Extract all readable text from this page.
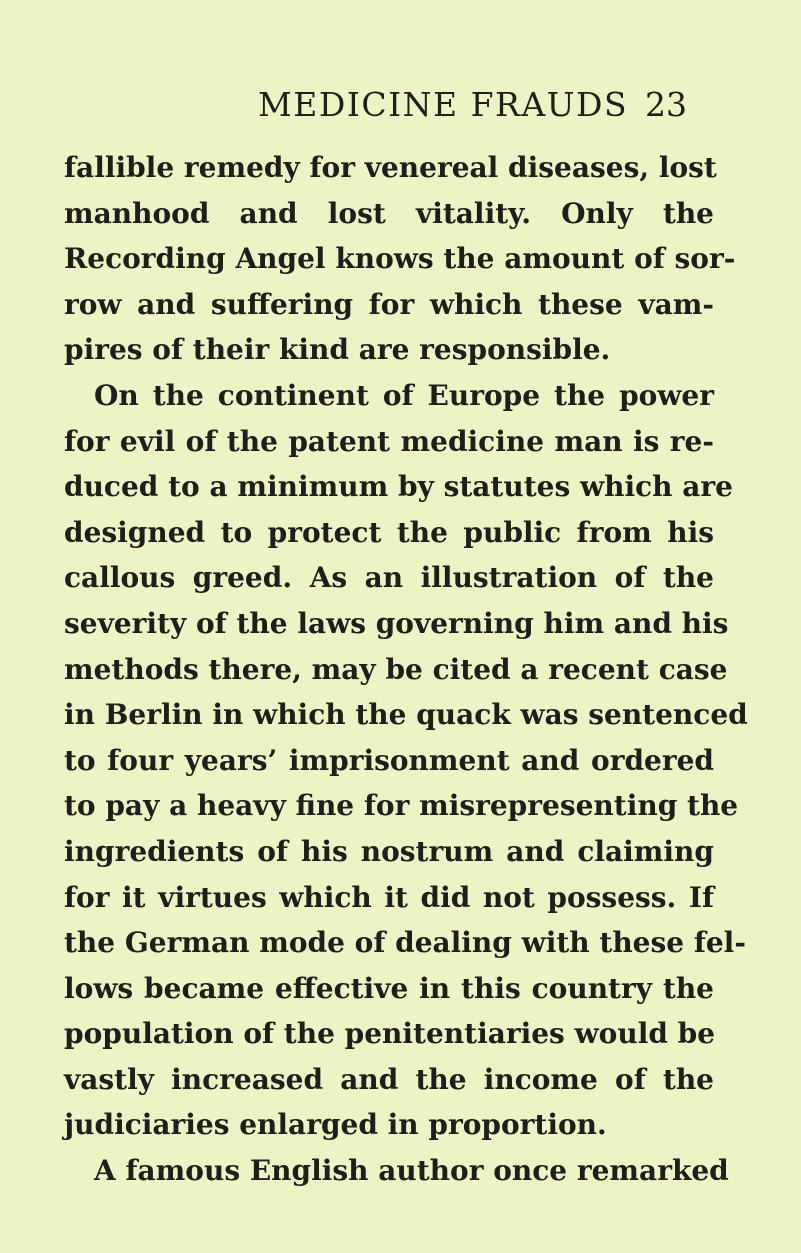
MEDICINE FRAUDS 23
fallible remedy for venereal diseases, lost
manhood and lost vitality. Only the
Recording Angel knows the amount of sor-
row and suffering for which these vam-
pires of their kind are responsible.
On the continent of Europe the power
for evil of the patent medicine man is re-
duced to a minimum by statutes which are
designed to protect the public from his
callous greed. As an illustration of the
severity of the laws governing him and his
methods there, may be cited a recent case
in Berlin in which the quack was sentenced
to four years’ imprisonment and ordered
to pay a heavy fine for misrepresenting the
ingredients of his nostrum and claiming
for it virtues which it did not possess. If
the German mode of dealing with these fel-
lows became effective in this country the
population of the penitentiaries would be
vastly increased and the income of the
judiciaries enlarged in proportion.
A famous English author once remarked
